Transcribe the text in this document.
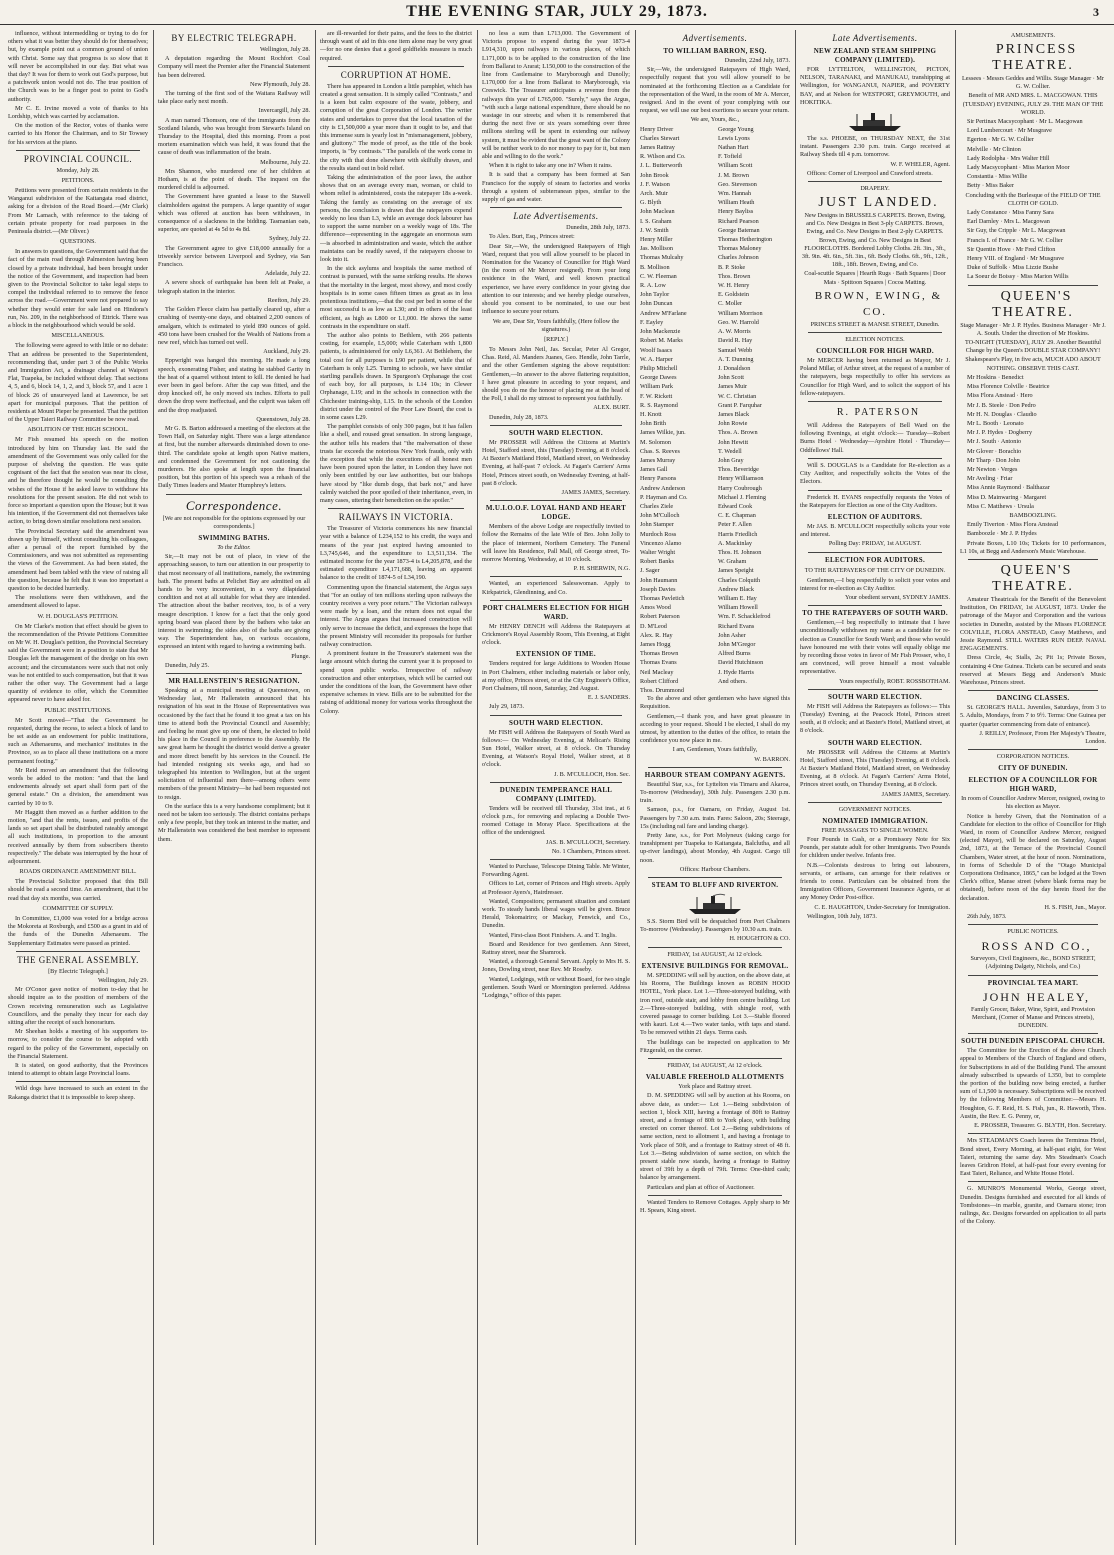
THE EVENING STAR, JULY 29, 1873.	3

influence, without intermeddling or trying to do for others what it was better they should do for themselves; but, by example point out a common ground of union with Christ. Some say that progress is so slow that it will never be accomplished in our day. But what was that day? It was for them to work out God's purpose, but a patchwork union would not do. The true position of the Church was to be a finger post to point to God's authority.

Mr C. E. Irvine moved a vote of thanks to his Lordship, which was carried by acclamation.

On the motion of the Rector, votes of thanks were carried to his Honor the Chairman, and to Sir Towsey for his services at the piano.

PROVINCIAL COUNCIL.

Monday, July 28.

PETITIONS.

Petitions were presented from certain residents in the Wanganui subdivision of the Kaitangata road district, asking for a division of the Road Board.—(Mr Clark) From Mr Lamach, with reference to the taking of certain private property for road purposes in the Peninsula district.—(Mr Oliver.)

QUESTIONS.

In answers to questions, the Government said that the fact of the main road through Palmerston having been closed by a private individual, had been brought under the notice of the Government, and inspection had been given to the Provincial Solicitor to take legal steps to compel the individual referred to to remove the fence across the road.—Government were not prepared to say whether they would enter for sale land on Hindons's run, No. 209, in the neighborhood of Ettrick. There was a block in the neighbourhood which would be sold.

MISCELLANEOUS.

The following were agreed to with little or no debate: That an address be presented to the Superintendent, recommending that, under part 3 of the Public Works and Immigration Act, a drainage channel at Waipori Flat, Tuapeka, be included without delay. That sections 4, 5, and 6, block 14, 1, 2, and 3, block 57, and 1 acre 1 of block 26 of unsurveyed land at Lawrence, be set apart for municipal purposes. That the petition of residents at Mount Pieper be presented. That the petition of the Upper Taieri Railway Committee be now read.

ABOLITION OF THE HIGH SCHOOL.

Mr Fish resumed his speech on the motion introduced by him on Thursday last. He said the amendment of the Government was only called for the purpose of shelving the question. He was quite cognisant of the fact that the session was near its close, and he therefore thought he would be consulting the wishes of the House if he asked leave to withdraw his resolutions for the present session. He did not wish to force so important a question upon the House; but it was his intention, if the Government did not themselves take action, to bring down similar resolutions next session.

The Provincial Secretary said the amendment was drawn up by himself, without consulting his colleagues, after a perusal of the report furnished by the Commissioners, and was not submitted as representing the views of the Government. As had been stated, the amendment had been tabled with the view of raising all the question, because he felt that it was too important a question to be decided hurriedly.

The resolutions were then withdrawn, and the amendment allowed to lapse.

W. H. DOUGLAS'S PETITION.

On Mr Clarke's motion that effect should be given to the recommendation of the Private Petitions Committee on Mr W. H. Douglas's petition, the Provincial Secretary said the Government were in a position to state that Mr Douglas left the management of the dredge on his own account; and the circumstances were such that not only was he not entitled to such compensation, but that it was rather the other way. The Government had a large quantity of evidence to offer, which the Committee appeared never to have asked for.

PUBLIC INSTITUTIONS.

Mr Scott moved—"That the Government be requested, during the recess, to select a block of land to be set aside as an endowment for public institutions, such as Athenaeums, and mechanics' institutes in the Province, so as to place all these institutions on a more permanent footing."

Mr Reid moved an amendment that the following words be added to the motion: "and that the land endowments already set apart shall form part of the general estate." On a division, the amendment was carried by 10 to 9.

Mr Haggitt then moved as a further addition to the motion, "and that the rents, issues, and profits of the lands so set apart shall be distributed rateably amongst all such institutions, in proportion to the amount received annually by them from subscribers thereto respectively." The debate was interrupted by the hour of adjournment.

ROADS ORDINANCE AMENDMENT BILL.

The Provincial Solicitor proposed that this Bill should be read a second time. An amendment, that it be read that day six months, was carried.

COMMITTEE OF SUPPLY.

In Committee, £1,000 was voted for a bridge across the Mokoreta at Roxburgh, and £500 as a grant in aid of the funds of the Dunedin Athenaeum. The Supplementary Estimates were passed as printed.

THE GENERAL ASSEMBLY.

[By Electric Telegraph.]

Wellington, July 29.

Mr O'Conor gave notice of motion to-day that he should inquire as to the position of members of the Crown receiving remuneration such as Legislative Councillors, and the penalty they incur for each day sitting after the receipt of such honorarium.

Mr Sheehan holds a meeting of his supporters to-morrow, to consider the course to be adopted with regard to the policy of the Government, especially on the Financial Statement.

It is stated, on good authority, that the Provinces intend to attempt to obtain large Provincial loans.

Wild dogs have increased to such an extent in the Rakanga district that it is impossible to keep sheep.

BY ELECTRIC TELEGRAPH.

Wellington, July 28.

A deputation regarding the Mount Rochfort Coal Company will meet the Premier after the Financial Statement has been delivered.

New Plymouth, July 28.

The turning of the first sod of the Waitara Railway will take place early next month.

Invercargill, July 28.

A man named Thomson, one of the immigrants from the Scotland Islands, who was brought from Stewart's Island on Thursday to the Hospital, died this morning. From a post mortem examination which was held, it was found that the cause of death was inflammation of the brain.

Melbourne, July 22.

Mrs Shannon, who murdered one of her children at Hotham, is at the point of death. The inquest on the murdered child is adjourned.

The Government have granted a lease to the Stawell claimholders against the pumpers. A large quantity of sugar which was offered at auction has been withdrawn, in consequence of a slackness in the bidding. Tasmanian oats, superior, are quoted at 4s 5d to 4s 8d.

Sydney, July 22.

The Government agree to give £18,000 annually for a triweekly service between Liverpool and Sydney, via San Francisco.

Adelaide, July 22.

A severe shock of earthquake has been felt at Peake, a telegraph station in the interior.

Reefton, July 29.

The Golden Fleece claim has partially cleared up, after a crushing of twenty-one days, and obtained 2,200 ounces of amalgam, which is estimated to yield 890 ounces of gold. 450 tons have been crushed for the Wealth of Nations from a new reef, which has turned out well.

Auckland, July 29.

Eppwright was hanged this morning. He made a long speech, exonerating Fisher, and stating he stabbed Garity in the heat of a quarrel without intent to kill. He denied he had ever been in gaol before. After the cap was fitted, and the drop knocked off, he only moved six inches. Efforts to pull down the drop were ineffectual, and the culprit was taken off and the drop readjusted.

Queenstown, July 28.

Mr G. B. Barton addressed a meeting of the electors at the Town Hall, on Saturday night. There was a large attendance at first, but the number afterwards diminished down to one-third. The candidate spoke at length upon Native matters, and condemned the Government for not cautioning the murderers. He also spoke at length upon the financial position, but this portion of his speech was a rehash of the Daily Times leaders and Master Humphrey's letters.

Correspondence.

[We are not responsible for the opinions expressed by our correspondents.]

SWIMMING BATHS.

To the Editor.

Sir,—It may not be out of place, in view of the approaching season, to turn our attention in our prosperity to that most necessary of all institutions, namely, the swimming bath. The present baths at Pelichet Bay are admitted on all hands to be very inconvenient, in a very dilapidated condition and not at all suitable for what they are intended. The attraction about the bather receives, too, is of a very meagre description. I know for a fact that the only good spring board was placed there by the bathers who take an interest in swimming; the sides also of the baths are giving way. The Superintendent has, on various occasions, expressed an intent with regard to having a swimming bath.

Plunge.

Dunedin, July 25.

MR HALLENSTEIN'S RESIGNATION.

Speaking at a municipal meeting at Queenstown, on Wednesday last, Mr Hallenstein announced that his resignation of his seat in the House of Representatives was occasioned by the fact that he found it too great a tax on his time to attend both the Provincial Council and Assembly; and feeling he must give up one of them, he elected to hold his place in the Council in preference to the Assembly. He saw great harm he thought the district would derive a greater and more direct benefit by his services in the Council. He had intended resigning six weeks ago, and had so telegraphed his intention to Wellington, but at the urgent solicitation of influential men there—among others were members of the present Ministry—he had been requested not to resign.

On the surface this is a very handsome compliment; but it need not be taken too seriously. The district contains perhaps only a few people, but they took an interest in the matter, and Mr Hallenstein was considered the best member to represent them.

are ill-rewarded for their pains, and the fees to the district through want of aid in this one item alone may be very great—for no one denies that a good goldfields measure is much required.

CORRUPTION AT HOME.

There has appeared in London a little pamphlet, which has created a great sensation. It is simply called "Contrasts," and is a keen but calm exposure of the waste, jobbery, and corruption of the great Corporation of London. The writer states and undertakes to prove that the local taxation of the city is £1,500,000 a year more than it ought to be, and that this immense sum is yearly lost in "mismanagement, jobbery, and gluttony." The mode of proof, as the title of the book imports, is "by contrasts." The parallels of the work come in the city with that done elsewhere with skilfully drawn, and the results stand out in bold relief.

Taking the administration of the poor laws, the author shows that on an average every man, woman, or child to whom relief is administered, costs the ratepayer 18s a-week. Taking the family as consisting on the average of six persons, the conclusion is drawn that the ratepayers expend weekly no less than L3, while an average dock labourer has to support the same number on a weekly wage of 18s. The difference—representing in the aggregate an enormous sum—is absorbed in administration and waste, which the author maintains can be readily saved, if the ratepayers choose to look into it.

In the sick asylums and hospitals the same method of contrast is pursued, with the same striking results. He shows that the mortality in the largest, most showy, and most costly hospitals is in some cases fifteen times as great as in less pretentious institutions,—that the cost per bed in some of the most successful is as low as L30; and in others of the least efficient, as high as L800 or L1,000. He shows the same contrasts in the expenditure on staff.

The author also points to Bethlem, with 266 patients costing, for example, L5,000; while Caterham with 1,800 patients, is administered for only L6,361. At Bethlehem, the total cost for all purposes is L90 per patient, while that of Caterham is only L25. Turning to schools, we have similar startling parallels drawn. In Spurgeon's Orphanage the cost of each boy, for all purposes, is L14 10s; in Clewer Orphanage, L19; and in the schools in connection with the Chichester training-ship, L15. In the schools of the London district under the control of the Poor Law Board, the cost is in some cases L29.

The pamphlet consists of only 300 pages, but it has fallen like a shell, and roused great sensation. In strong language, the author tells his readers that "the malversation of these trusts far exceeds the notorious New York frauds, only with the exception that while the executions of all honest men have been poured upon the latter, in London they have not only been entitled by our law authorities, but our bishops have stood by "like dumb dogs, that bark not," and have calmly watched the poor spoiled of their inheritance, even, in many cases, uttering their benediction on the spoiler."

RAILWAYS IN VICTORIA.

The Treasurer of Victoria commences his new financial year with a balance of L234,152 to his credit, the ways and means of the year just expired having amounted to L3,745,646, and the expenditure to L3,511,334. The estimated income for the year 1873-4 is L4,205,878, and the estimated expenditure L4,171,688, leaving an apparent balance to the credit of 1874-5 of L34,190.

Commenting upon the financial statement, the Argus says that "for an outlay of ten millions sterling upon railways the country receives a very poor return." The Victorian railways were made by a loan, and the return does not equal the interest. The Argus argues that increased construction will only serve to increase the deficit, and expresses the hope that the present Ministry will reconsider its proposals for further railway construction.

A prominent feature in the Treasurer's statement was the large amount which during the current year it is proposed to spend upon public works. Irrespective of railway construction and other enterprises, which will be carried out under the conditions of the loan, the Government have other expensive schemes in view. Bills are to be submitted for the raising of additional money for various works throughout the Colony.

no less a sum than L713,000. The Government of Victoria propose to expend during the year 1873-4 L914,310, upon railways in various places, of which L171,000 is to be applied to the construction of the line from Ballarat to Ararat; L150,000 to the construction of the line from Castlemaine to Maryborough and Dunolly; L170,000 for a line from Ballarat to Maryborough, via Creswick. The Treasurer anticipates a revenue from the railways this year of L765,000. "Surely," says the Argus, "with such a large national expenditure, there should be no wastage in our streets; and when it is remembered that during the next five or six years something over three millions sterling will be spent in extending our railway system, it must be evident that the great want of the Colony will be neither work to do nor money to pay for it, but men able and willing to do the work."

When it is right to take any one in? When it rains.

It is said that a company has been formed at San Francisco for the supply of steam to factories and works through a system of subterranean pipes, similar to the supply of gas and water.

Late Advertisements.

Dunedin, 28th July, 1873.

To Alex. Burt, Esq., Princes street:

Dear Sir,—We, the undersigned Ratepayers of High Ward, request that you will allow yourself to be placed in Nomination for the Vacancy of Councillor for High Ward (in the room of Mr Mercer resigned). From your long residence in the Ward, and well known practical experience, we have every confidence in your giving due attention to our interests; and we hereby pledge ourselves, should you consent to be nominated, to use our best influence to secure your return.

We are, Dear Sir, Yours faithfully, (Here follow the signatures.)

[REPLY.]

To Messrs John Neil, Jas. Secular, Peter Al Gregor, Chas. Reid, Al. Manders Juanes, Geo. Hendle, John Tarrle, and the other Gentlemen signing the above requisition: Gentlemen,—In answer to the above flattering requisition, I have great pleasure in acceding to your request, and should you do me the honour of placing me at the head of the Poll, I shall do my utmost to represent you faithfully.

ALEX. BURT.

Dunedin, July 28, 1873.

SOUTH WARD ELECTION.

Mr PROSSER will Address the Citizens at Martin's Hotel, Stafford street, this (Tuesday) Evening, at 8 o'clock. At Baxter's Maitland Hotel, Maitland street, on Wednesday Evening, at half-past 7 o'clock. At Fagan's Carriers' Arms Hotel, Princes street south, on Wednesday Evening, at half-past 8 o'clock.

JAMES JAMES, Secretary.

M.U.I.O.O.F. LOYAL HAND AND HEART LODGE.

Members of the above Lodge are respectfully invited to follow the Remains of the late Wife of Bro. John Jolly to the place of interment, Northern Cemetery. The Funeral will leave his Residence, Pall Mall, off George street, To-morrow Morning, Wednesday, at 10 o'clock.

P. H. SHERWIN, N.G.

Wanted, an experienced Salesswoman. Apply to Kirkpatrick, Glendinning, and Co.

PORT CHALMERS ELECTION FOR HIGH WARD.

Mr HENRY DENCH will Address the Ratepayers at Crickmore's Royal Assembly Room, This Evening, at Eight o'clock.

EXTENSION OF TIME.

Tenders required for large Additions to Wooden House in Port Chalmers, either including materials or labor only, at my office, Princes street, or at the City Engineer's Office, Port Chalmers, till noon, Saturday, 2nd August.

E. J. SANDERS.

July 29, 1873.

SOUTH WARD ELECTION.

Mr FISH will Address the Ratepayers of South Ward as follows:— On Wednesday Evening, at Melican's Rising Sun Hotel, Walker street, at 8 o'clock. On Thursday Evening, at Watson's Royal Hotel, Walker street, at 8 o'clock.

J. B. M'CULLOCH, Hon. Sec.

DUNEDIN TEMPERANCE HALL COMPANY (LIMITED).

Tenders will be received till Thursday, 31st inst., at 6 o'clock p.m., for removing and replacing a Double Two-roomed Cottage in Moray Place. Specifications at the office of the undersigned.

JAS. B. M'CULLOCH, Secretary.

No. 1 Chambers, Princes street.

Wanted to Purchase, Telescope Dining Table. Mr Winter, Forwarding Agent.

Offices to Let, corner of Princes and High streets. Apply at Professor Ayers's, Hairdresser.

Wanted, Compositors; permanent situation and constant work. To steady hands liberal wages will be given. Bruce Herald, Tokomairiro; or Mackay, Fenwick, and Co., Dunedin.

Wanted, First-class Boot Finishers. A. and T. Inglis.

Board and Residence for two gentlemen. Ann Street, Rattray street, near the Shamrock.

Wanted, a thorough General Servant. Apply to Mrs H. S. Jones, Dowling street, near Rev. Mr Roseby.

Wanted, Lodgings, with or without Board, for two single gentlemen. South Ward or Mornington preferred. Address "Lodgings," office of this paper.

Advertisements.
TO WILLIAM BARRON, ESQ.

Dunedin, 22nd July, 1873.

Sir,—We, the undersigned Ratepayers of High Ward, respectfully request that you will allow yourself to be nominated at the forthcoming Election as a Candidate for the representation of the Ward, in the room of Mr A. Mercer, resigned. And in the event of your complying with our request, we will use our best exertions to secure your return.

We are, Yours, &c.,

Henry Driver

Charles Stewart

James Rattray

R. Wilson and Co.

J. L. Butterworth

John Brook

J. F. Watson

Arch. Muir

G. Blyth

John Maclean

I. S. Graham

J. W. Smith

Henry Miller

Jas. Mollison

Thomas Mulcahy

B. Mollison

C. W. Fleeman

R. A. Low

John Taylor

John Duncan

Andrew M'Farlane

F. Eayley

John Mackenzie

Robert M. Marks

Woolf Isaacs

W. A. Harper

Philip Mitchell

George Dawes

William Park

F. W. Rickett

R. S. Raymond

H. Knott

John Brith

James Wilkie, jun.

M. Solomon

Chas. S. Reeves

James Murray

James Gall

Henry Parsons

Andrew Anderson

P. Hayman and Co.

Charles Ziele

John M'Culloch

John Stamper

Murdoch Ross

Vincenzo Alamo

Walter Wright

Robert Banks

J. Sager

John Haumann

Joseph Davies

Thomas Pavletich

Amos Wood

Robert Paterson

D. M'Leod

Alex. R. Hay

James Hogg

Thomas Brown

Thomas Evans

Neil Macleay

Robert Clifford

Thos. Drummond

George Young

Lewis Lyons

Nathan Hart

F. Tofield

William Scott

J. M. Brown

Geo. Stevenson

Wm. Hannah

William Heath

Henry Bayliss

Richard Pearson

George Bateman

Thomas Hetherington

Thomas Maloney

Charles Johnson

B. P. Stoke

Thos. Brown

W. H. Henry

E. Goldstein

C. Moller

William Morrison

Geo. W. Harrold

A. W. Morris

David R. Hay

Samuel Webb

A. T. Dunning

J. Donaldson

John Scott

James Muir

W. C. Christian

Grant P. Farquhar

James Black

John Rowie

Thos. A. Brown

John Hewitt

T. Wedell

John Gray

Thos. Beveridge

Henry Williamson

Harry Coubrough

Michael J. Fleming

Edward Cook

C. E. Chapman

Peter F. Allen

Harris Friedlich

A. Mackinlay

Thos. H. Johnson

W. Graham

James Speight

Charles Colquith

Andrew Black

William E. Hay

William Howell

Wm. F. Schacklefrod

Richard Evans

John Asher

John M'Gregor

Alfred Burns

David Hutchinson

J. Hyde Harris

And others.

To the above and other gentlemen who have signed this Requisition.

Gentlemen,—I thank you, and have great pleasure in acceding to your request. Should I be elected, I shall do my utmost, by attention to the duties of the office, to retain the confidence you now place in me.

I am, Gentlemen, Yours faithfully,

W. BARRON.

HARBOUR STEAM COMPANY AGENTS.

Beautiful Star, s.s., for Lyttelton via Timaru and Akaroa, To-morrow (Wednesday), 30th July. Passengers 2.30 p.m. train.

Samson, p.s., for Oamaru, on Friday, August 1st. Passengers by 7.30 a.m. train. Fares: Saloon, 20s; Steerage, 15s (including rail fare and landing charge).

Pretty Jane, s.s., for Port Molyneux (taking cargo for transhipment per Tuapeka to Kaitangata, Balclutha, and all up-river landings), about Monday, 4th August. Cargo till noon.

Offices: Harbour Chambers.

STEAM TO BLUFF AND RIVERTON.

S.S. Storm Bird will be despatched from Port Chalmers To-morrow (Wednesday). Passengers by 10.30 a.m. train.

H. HOUGHTON & CO.

FRIDAY, 1st AUGUST, At 12 o'clock.

EXTENSIVE BUILDINGS FOR REMOVAL.

M. SPEDDING will sell by auction, on the above date, at his Rooms, The Buildings known as ROBIN HOOD HOTEL, York place. Lot 1.—Three-storeyed building, with iron roof, outside stair, and lobby from centre building. Lot 2.—Three-storeyed building, with shingle roof, with covered passage to corner building. Lot 3.—Stable floored with kauri. Lot 4.—Two water tanks, with taps and stand. To be removed within 21 days. Terms cash.

The buildings can be inspected on application to Mr Fitzgerald, on the corner.

FRIDAY, 1st AUGUST, At 12 o'clock.

VALUABLE FREEHOLD ALLOTMENTS

York place and Rattray street.

D. M. SPEDDING will sell by auction at his Rooms, on above date, as under:— Lot 1.—Being subdivision of section 1, block XIII, having a frontage of 80ft to Rattray street, and a frontage of 80ft to York place, with building erected on corner thereof. Lot 2.—Being subdivisions of same section, next to allotment 1, and having a frontage to York place of 50ft, and a frontage to Rattray street of 48 ft. Lot 3.—Being subdivision of same section, on which the present stable now stands, having a frontage to Rattray street of 39ft by a depth of 79ft. Terms: One-third cash; balance by arrangement.

Particulars and plan at office of Auctioneer.

Wanted Tenders to Remove Cottages. Apply sharp to Mr H. Spears, King street.

Late Advertisements.
NEW ZEALAND STEAM SHIPPING COMPANY (LIMITED).

FOR LYTTELTON, WELLINGTON, PICTON, NELSON, TARANAKI, and MANUKAU, transhipping at Wellington, for WANGANUI, NAPIER, and POVERTY BAY, and at Nelson for WESTPORT, GREYMOUTH, and HOKITIKA.

The s.s. PHOEBE, on THURSDAY NEXT, the 31st instant. Passengers 2.30 p.m. train. Cargo received at Railway Sheds till 4 p.m. tomorrow.

W. F. WHELER, Agent.

Offices: Corner of Liverpool and Crawford streets.

DRAPERY.

JUST LANDED.

New Designs in BRUSSELS CARPETS. Brown, Ewing, and Co. New Designs in Best 3-ply CARPETS. Brown, Ewing, and Co. New Designs in Best 2-ply CARPETS. Brown, Ewing, and Co. New Designs in Best FLOORCLOTHS. Bordered Lobby Cloths. 2ft. 3in., 3ft., 3ft. 9in. 4ft. 6in., 5ft. 3in., 6ft. Body Cloths. 6ft., 9ft., 12ft., 18ft., 18ft. Brown, Ewing, and Co.

Coal-scuttle Squares | Hearth Rugs · Bath Squares | Door Mats · Spittoon Squares | Cocoa Matting.

BROWN, EWING, & CO.

PRINCES STREET & MANSE STREET, Dunedin.

ELECTION NOTICES.
COUNCILLOR FOR HIGH WARD.

Mr MERCER having been returned as Mayor, Mr J. Poland Millar, of Arthur street, at the request of a number of the ratepayers, begs respectfully to offer his services as Councillor for High Ward, and to solicit the support of his fellow-ratepayers.

R. PATERSON

Will Address the Ratepayers of Bell Ward on the following Evenings, at eight o'clock:— Tuesday—Robert Burns Hotel · Wednesday—Ayrshire Hotel · Thursday—Oddfellows' Hall.

Will S. DOUGLAS is a Candidate for Re-election as a City Auditor, and respectfully solicits the Votes of the Electors.

Frederick H. EVANS respectfully requests the Votes of the Ratepayers for Election as one of the City Auditors.

ELECTION OF AUDITORS.

Mr JAS. B. M'CULLOCH respectfully solicits your vote and interest.

Polling Day: FRIDAY, 1st AUGUST.

ELECTION FOR AUDITORS.
TO THE RATEPAYERS OF THE CITY OF DUNEDIN.

Gentlemen,—I beg respectfully to solicit your votes and interest for re-election as City Auditor.

Your obedient servant, SYDNEY JAMES.

TO THE RATEPAYERS OF SOUTH WARD.

Gentlemen,—I beg respectfully to intimate that I have unconditionally withdrawn my name as a candidate for re-election as Councillor for South Ward; and those who would have honoured me with their votes will equally oblige me by recording those votes in favor of Mr Fish Prosser, who, I am convinced, will prove himself a most valuable representative.

Yours respectfully, ROBT. ROSSBOTHAM.

SOUTH WARD ELECTION.

Mr FISH will Address the Ratepayers as follows:— This (Tuesday) Evening, at the Peacock Hotel, Princes street south, at 8 o'clock; and at Baxter's Hotel, Maitland street, at 8 o'clock.

SOUTH WARD ELECTION.

Mr PROSSER will Address the Citizens at Martin's Hotel, Stafford street, This (Tuesday) Evening, at 8 o'clock. At Baxter's Maitland Hotel, Maitland street, on Wednesday Evening, at 8 o'clock. At Fagan's Carriers' Arms Hotel, Princes street south, on Thursday Evening, at 8 o'clock.

JAMES JAMES, Secretary.

GOVERNMENT NOTICES.
NOMINATED IMMIGRATION.

FREE PASSAGES TO SINGLE WOMEN.

Four Pounds in Cash, or a Promissory Note for Six Pounds, per statute adult for other Immigrants. Two Pounds for children under twelve. Infants free.

N.B.—Colonists desirous to bring out labourers, servants, or artisans, can arrange for their relatives or friends to come. Particulars can be obtained from the Immigration Officers, Government Insurance Agents, or at any Money Order Post-office.

C. E. HAUGHTON, Under-Secretary for Immigration.

Wellington, 10th July, 1873.

AMUSEMENTS.

PRINCESS THEATRE.

Lessees · Messrs Geddes and Willis. Stage Manager · Mr G. W. Collier.

Benefit of MR AND MRS. L. MACGOWAN. THIS (TUESDAY) EVENING, JULY 29. THE MAN OF THE WORLD.

Sir Pertinax Macsycophant · Mr L. Macgowan

Lord Lumbercourt · Mr Musgrave

Egerton · Mr G. W. Collier

Melville · Mr Clinton

Lady Rodolpha · Mrs Walter Hill

Lady Macsycophant · Miss Marion Moor

Constantia · Miss Willie

Betty · Miss Baker

Concluding with the Burlesque of the FIELD OF THE CLOTH OF GOLD.

Lady Constance · Miss Fanny Sara

Earl Darnley · Mrs L. Macgowan

Sir Guy, the Cripple · Mr L. Macgowan

Francis I. of France · Mr G. W. Collier

Sir Quentin Hove · Mr Fred Clifton

Henry VIII. of England · Mr Musgrave

Duke of Suffolk · Miss Lizzie Bushe

La Soeur de Boissy · Miss Marion Willis

QUEEN'S THEATRE.

Stage Manager · Mr J. P. Hydes. Business Manager · Mr J. A. South. Under the direction of Mr Hoskins.

TO-NIGHT (TUESDAY), JULY 29. Another Beautiful Change by the Queen's DOUBLE STAR COMPANY!

Shakespeare's Play, in five acts, MUCH ADO ABOUT NOTHING. OBSERVE THIS CAST.

Mr Hoskins · Benedict

Miss Florence Colville · Beatrice

Miss Flora Anstead · Hero

Mr J. B. Steele · Don Pedro

Mr H. N. Douglas · Claudio

Mr L. Booth · Leonato

Mr J. P. Hydes · Dogberry

Mr J. South · Antonio

Mr Glover · Borachio

Mr Tharp · Don John

Mr Newton · Verges

Mr Aveling · Friar

Miss Annie Raymond · Balthazar

Miss D. Mainwaring · Margaret

Miss C. Matthews · Ursula

BAMBOOZLING.

Emily Tiverton · Miss Flora Anstead

Bamboozle · Mr J. P. Hydes

Private Boxes, L10 10s; Tickets for 10 performances, L1 10s, at Begg and Anderson's Music Warehouse.

QUEEN'S THEATRE.

Amateur Theatricals for the Benefit of the Benevolent Institution, On FRIDAY, 1st AUGUST, 1873. Under the patronage of the Mayor and Corporation and the various societies in Dunedin, assisted by the Misses FLORENCE COLVILLE, FLORA ANSTEAD, Cassy Matthews, and Jessie Raymond. STILL WATERS RUN DEEP. NAVAL ENGAGEMENTS.

Dress Circle, 4s; Stalls, 2s; Pit 1s; Private Boxes, containing 4 One Guinea. Tickets can be secured and seats reserved at Messrs Begg and Anderson's Music Warehouse, Princes street.

DANCING CLASSES.

St. GEORGE'S HALL. Juveniles, Saturdays, from 3 to 5. Adults, Mondays, from 7 to 9½. Terms: One Guinea per quarter (quarter commencing from date of entrance).

J. REILLY, Professor, From Her Majesty's Theatre, London.

CORPORATION NOTICES.
CITY OF DUNEDIN.
ELECTION OF A COUNCILLOR FOR HIGH WARD,

In room of Councillor Andrew Mercer, resigned, owing to his election as Mayor.

Notice is hereby Given, that the Nomination of a Candidate for election to the office of Councillor for High Ward, in room of Councillor Andrew Mercer, resigned (elected Mayor), will be declared on Saturday, August 2nd, 1873, at the Terrace of the Provincial Council Chambers, Water street, at the hour of noon. Nominations, in forms of Schedule D of the "Otago Municipal Corporations Ordinance, 1865," can be lodged at the Town Clerk's office, Manse street (where blank forms may be obtained), before noon of the day herein fixed for the declaration.

H. S. FISH, Jun., Mayor.

26th July, 1873.

PUBLIC NOTICES.

ROSS AND CO.,

Surveyors, Civil Engineers, &c., BOND STREET, (Adjoining Dalgety, Nichols, and Co.)

PROVINCIAL TEA MART.

JOHN HEALEY,

Family Grocer, Baker, Wine, Spirit, and Provision Merchant, (Corner of Manse and Princes streets), DUNEDIN.

SOUTH DUNEDIN EPISCOPAL CHURCH.

The Committee for the Erection of the above Church appeal to Members of the Church of England and others, for Subscriptions in aid of the Building Fund. The amount already subscribed is upwards of L350, but to complete the portion of the building now being erected, a further sum of L1,500 is necessary. Subscriptions will be received by the following Members of Committee:—Messrs H. Houghton, G. F. Reid, H. S. Fish, jun., R. Haworth, Thos. Austin, the Rev. E. G. Penny, or,

E. PROSSER, Treasurer. G. BLYTH, Hon. Secretary.

Mrs STEADMAN'S Coach leaves the Terminus Hotel, Bond street, Every Morning, at half-past eight, for West Taieri, returning the same day. Mrs Steadman's Coach leaves Gridiron Hotel, at half-past four every evening for East Taieri, Reliance, and White House Hotel.

G. MUNRO'S Monumental Works, George street, Dunedin. Designs furnished and executed for all kinds of Tombstones—in marble, granite, and Oamaru stone; iron railings, &c. Designs forwarded on application to all parts of the Colony.
